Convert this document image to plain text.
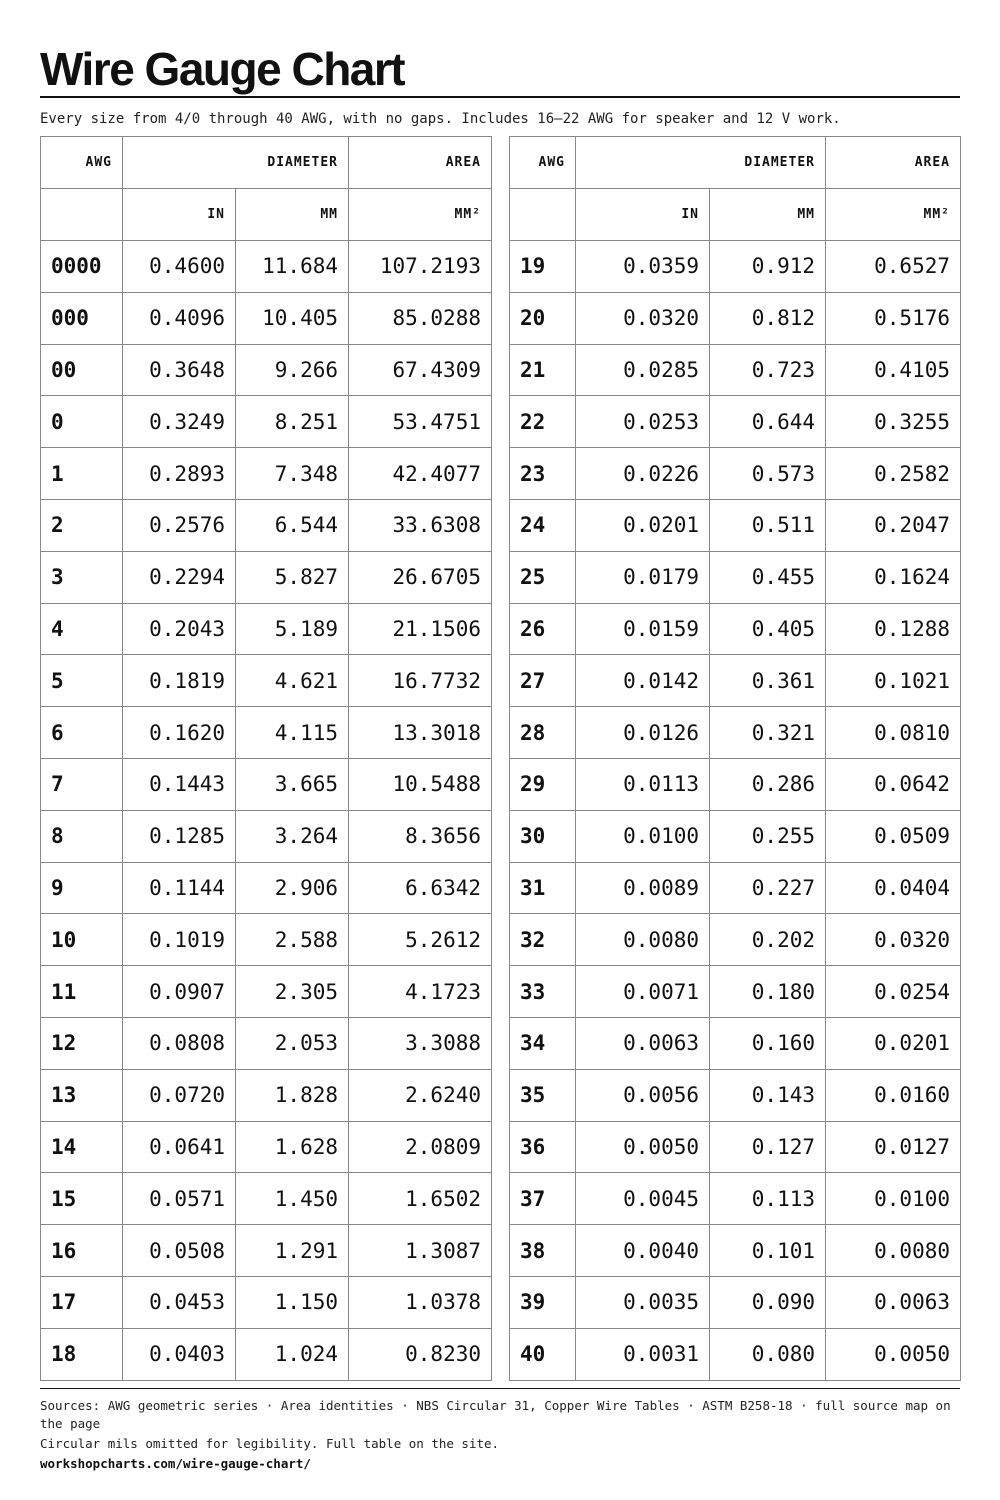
Wire Gauge Chart
Every size from 4/0 through 40 AWG, with no gaps. Includes 16–22 AWG for speaker and 12 V work.
AWG	DIAMETER		AREA
	IN	MM	MM²
0000	0.4600	11.684	107.2193
000	0.4096	10.405	85.0288
00	0.3648	9.266	67.4309
0	0.3249	8.251	53.4751
1	0.2893	7.348	42.4077
2	0.2576	6.544	33.6308
3	0.2294	5.827	26.6705
4	0.2043	5.189	21.1506
5	0.1819	4.621	16.7732
6	0.1620	4.115	13.3018
7	0.1443	3.665	10.5488
8	0.1285	3.264	8.3656
9	0.1144	2.906	6.6342
10	0.1019	2.588	5.2612
11	0.0907	2.305	4.1723
12	0.0808	2.053	3.3088
13	0.0720	1.828	2.6240
14	0.0641	1.628	2.0809
15	0.0571	1.450	1.6502
16	0.0508	1.291	1.3087
17	0.0453	1.150	1.0378
18	0.0403	1.024	0.8230
AWG	DIAMETER		AREA
	IN	MM	MM²
19	0.0359	0.912	0.6527
20	0.0320	0.812	0.5176
21	0.0285	0.723	0.4105
22	0.0253	0.644	0.3255
23	0.0226	0.573	0.2582
24	0.0201	0.511	0.2047
25	0.0179	0.455	0.1624
26	0.0159	0.405	0.1288
27	0.0142	0.361	0.1021
28	0.0126	0.321	0.0810
29	0.0113	0.286	0.0642
30	0.0100	0.255	0.0509
31	0.0089	0.227	0.0404
32	0.0080	0.202	0.0320
33	0.0071	0.180	0.0254
34	0.0063	0.160	0.0201
35	0.0056	0.143	0.0160
36	0.0050	0.127	0.0127
37	0.0045	0.113	0.0100
38	0.0040	0.101	0.0080
39	0.0035	0.090	0.0063
40	0.0031	0.080	0.0050
Sources: AWG geometric series · Area identities · NBS Circular 31, Copper Wire Tables · ASTM B258-18 · full source map on the page
Circular mils omitted for legibility. Full table on the site.
workshopcharts.com/wire-gauge-chart/
